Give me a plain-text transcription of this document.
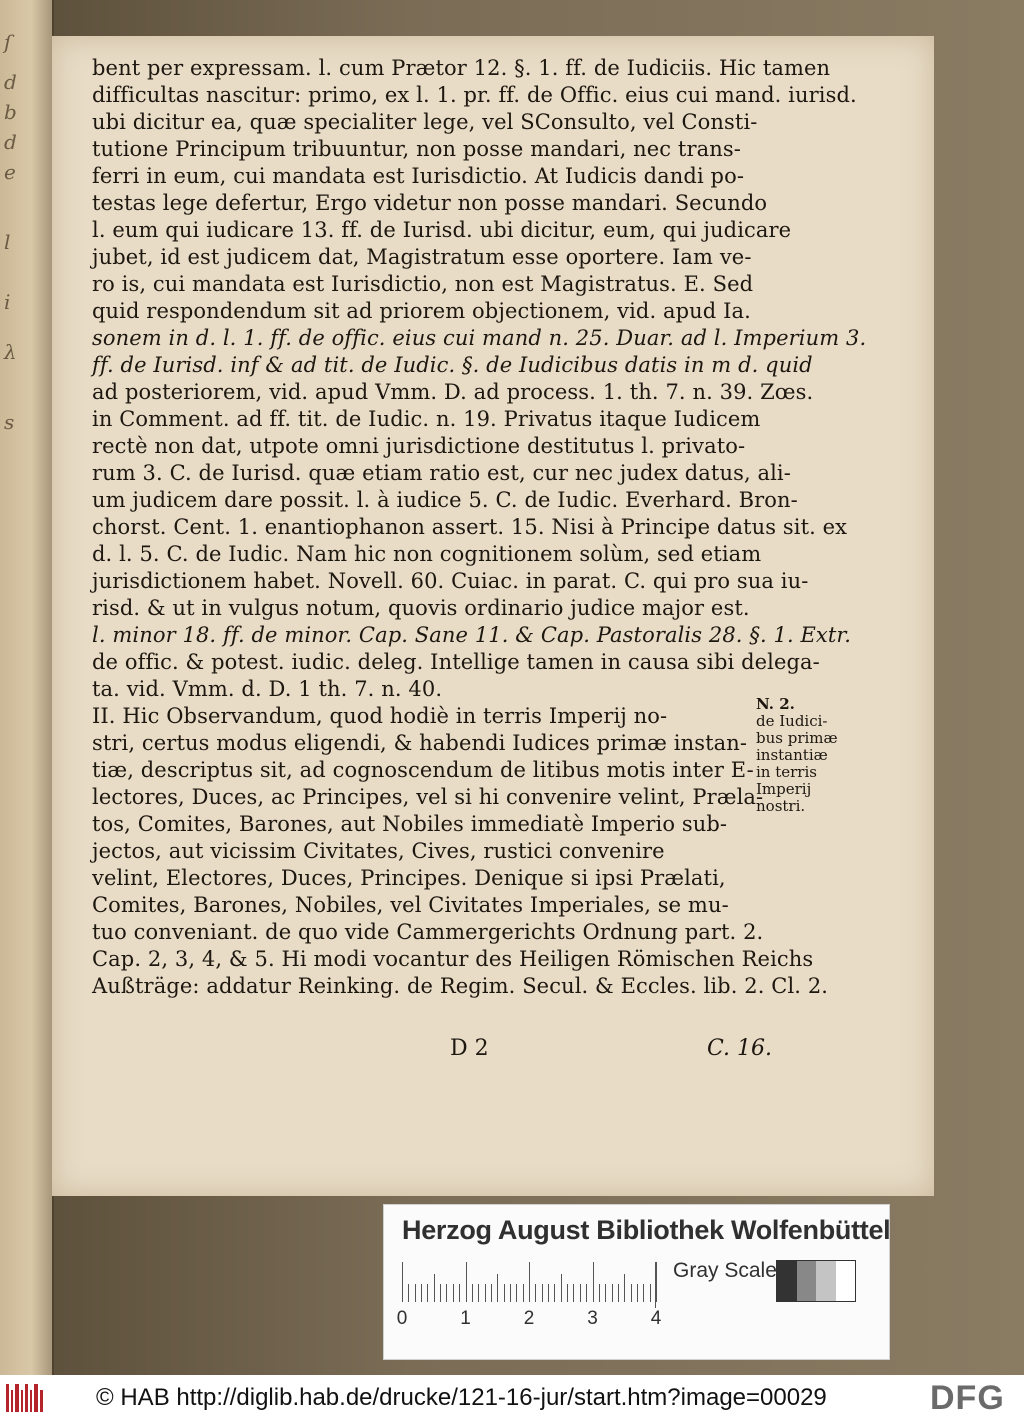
ſ
d
b
d
e
l
i
λ
s
bent per expressam. l. cum Prætor 12. §. 1. ff. de Iudiciis. Hic tamen
difficultas nascitur: primo, ex l. 1. pr. ff. de Offic. eius cui mand. iurisd.
ubi dicitur ea, quæ specialiter lege, vel SConsulto, vel Consti-
tutione Principum tribuuntur, non posse mandari, nec trans-
ferri in eum, cui mandata est Iurisdictio. At Iudicis dandi po-
testas lege defertur, Ergo videtur non posse mandari. Secundo
l. eum qui iudicare 13. ff. de Iurisd. ubi dicitur, eum, qui judicare
jubet, id est judicem dat, Magistratum esse oportere. Iam ve-
ro is, cui mandata est Iurisdictio, non est Magistratus. E. Sed
quid respondendum sit ad priorem objectionem, vid. apud Ia.
sonem in d. l. 1. ff. de offic. eius cui mand n. 25. Duar. ad l. Imperium 3.
ff. de Iurisd. inf & ad tit. de Iudic. §. de Iudicibus datis in m d. quid
ad posteriorem, vid. apud Vmm. D. ad process. 1. th. 7. n. 39. Zœs.
in Comment. ad ff. tit. de Iudic. n. 19. Privatus itaque Iudicem
rectè non dat, utpote omni jurisdictione destitutus l. privato-
rum 3. C. de Iurisd. quæ etiam ratio est, cur nec judex datus, ali-
um judicem dare possit. l. à iudice 5. C. de Iudic. Everhard. Bron-
chorst. Cent. 1. enantiophanon assert. 15. Nisi à Principe datus sit. ex
d. l. 5. C. de Iudic. Nam hic non cognitionem solùm, sed etiam
jurisdictionem habet. Novell. 60. Cuiac. in parat. C. qui pro sua iu-
risd. & ut in vulgus notum, quovis ordinario judice major est.
l. minor 18. ff. de minor. Cap. Sane 11. & Cap. Pastoralis 28. §. 1. Extr.
de offic. & potest. iudic. deleg. Intellige tamen in causa sibi delega-
ta. vid. Vmm. d. D. 1 th. 7. n. 40.
II. Hic Observandum, quod hodiè in terris Imperij no-
stri, certus modus eligendi, & habendi Iudices primæ instan-
tiæ, descriptus sit, ad cognoscendum de litibus motis inter E-
lectores, Duces, ac Principes, vel si hi convenire velint, Præla-
tos, Comites, Barones, aut Nobiles immediatè Imperio sub-
jectos, aut vicissim Civitates, Cives, rustici convenire
velint, Electores, Duces, Principes. Denique si ipsi Prælati,
Comites, Barones, Nobiles, vel Civitates Imperiales, se mu-
tuo conveniant. de quo vide Cammergerichts Ordnung part. 2.
Cap. 2, 3, 4, & 5. Hi modi vocantur des Heiligen Römischen Reichs
Außträge: addatur Reinking. de Regim. Secul. & Eccles. lib. 2. Cl. 2.
D 2	C. 16.
N. 2.
de Iudici-
bus primæ
instantiæ
in terris
Imperij
nostri.
Herzog August Bibliothek Wolfenbüttel
0	1	2	3	4
Gray Scale
© HAB http://diglib.hab.de/drucke/121-16-jur/start.htm?image=00029	DFG
